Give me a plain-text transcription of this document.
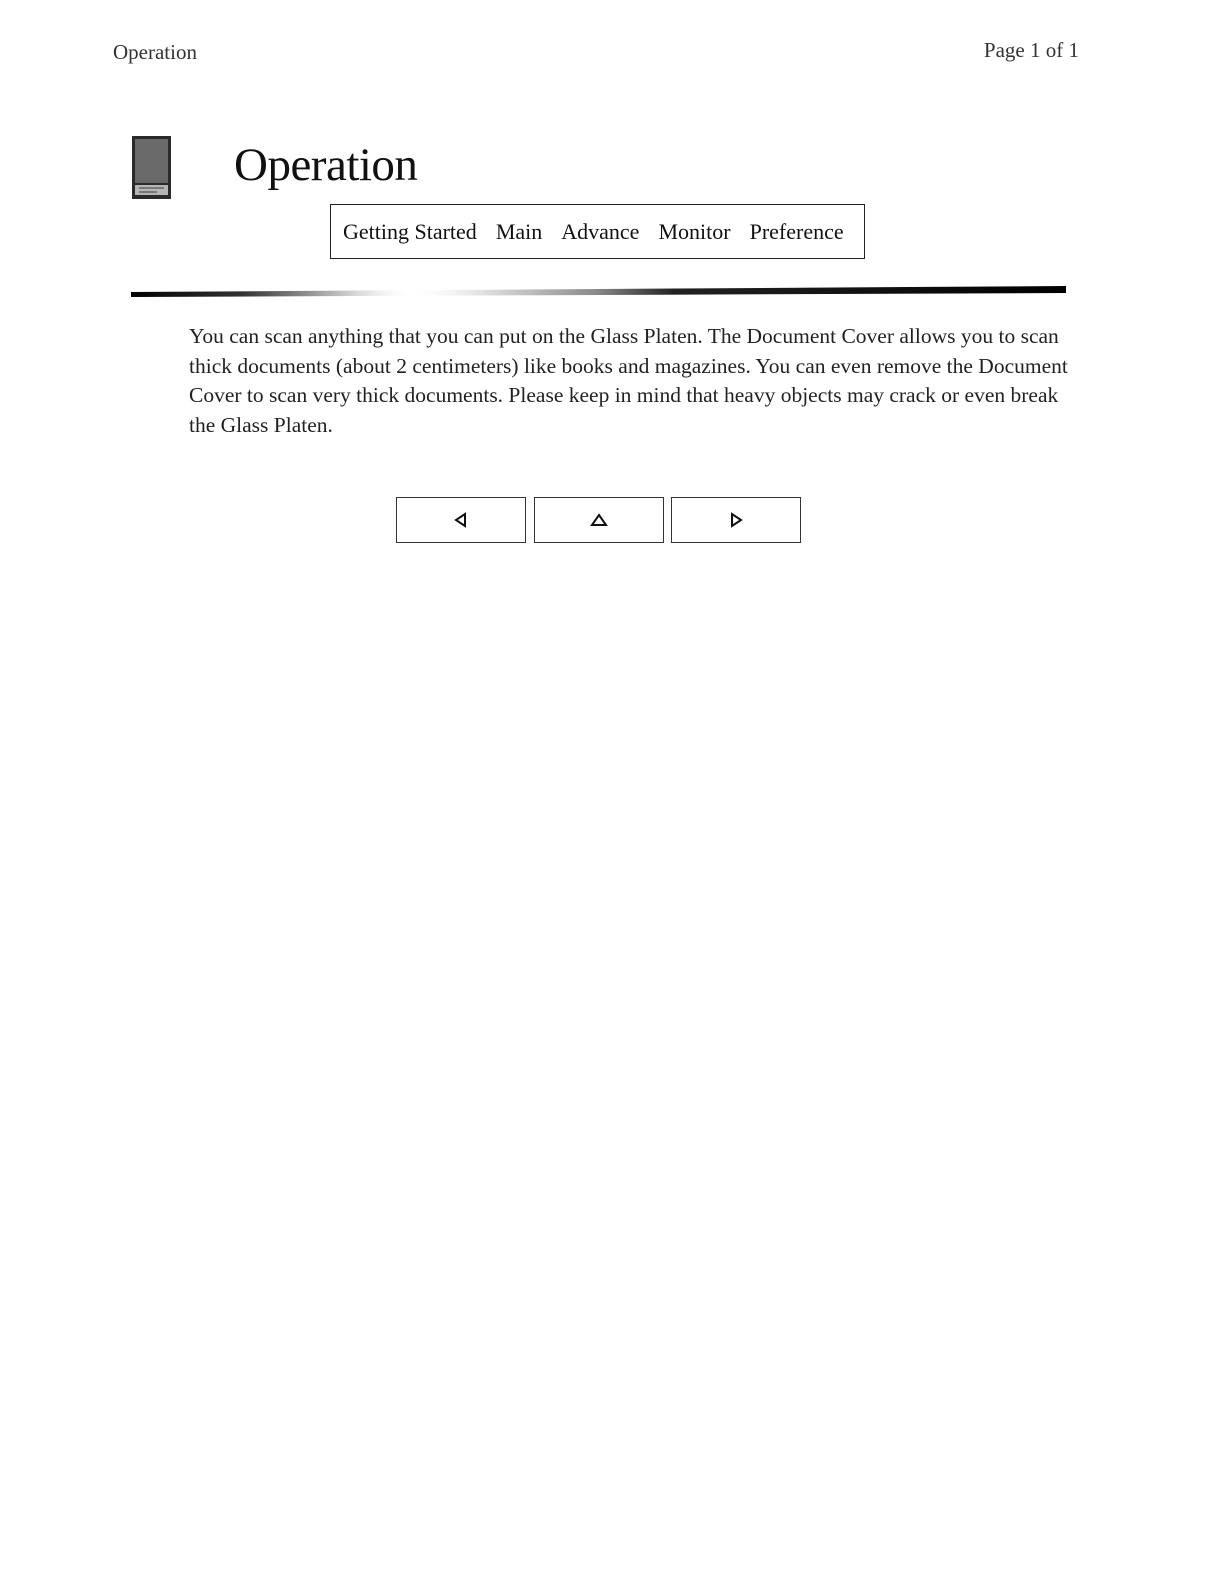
Operation	Page 1 of 1
Operation
Getting Started Main Advance Monitor Preference
You can scan anything that you can put on the Glass Platen. The Document Cover allows you to scan thick documents (about 2 centimeters) like books and magazines. You can even remove the Document Cover to scan very thick documents. Please keep in mind that heavy objects may crack or even break the Glass Platen.
